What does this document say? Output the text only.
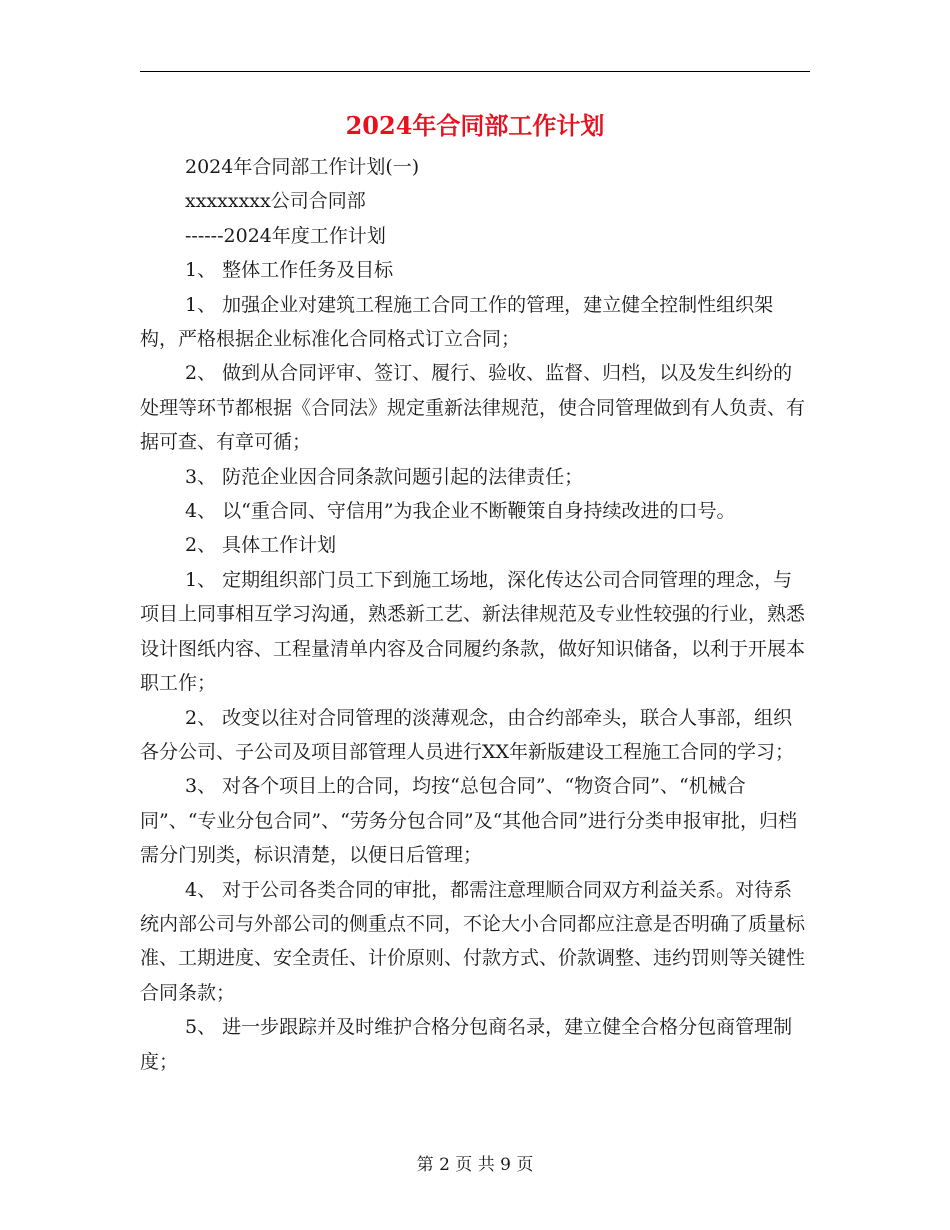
2024年合同部工作计划

2024年合同部工作计划(一)

xxxxxxxx公司合同部

------2024年度工作计划

1、 整体工作任务及目标

1、 加强企业对建筑工程施工合同工作的管理，建立健全控制性组织架构，严格根据企业标准化合同格式订立合同；

2、 做到从合同评审、签订、履行、验收、监督、归档，以及发生纠纷的处理等环节都根据《合同法》规定重新法律规范，使合同管理做到有人负责、有据可查、有章可循；

3、 防范企业因合同条款问题引起的法律责任；

4、 以“重合同、守信用”为我企业不断鞭策自身持续改进的口号。

2、 具体工作计划

1、 定期组织部门员工下到施工场地，深化传达公司合同管理的理念，与项目上同事相互学习沟通，熟悉新工艺、新法律规范及专业性较强的行业，熟悉设计图纸内容、工程量清单内容及合同履约条款，做好知识储备，以利于开展本职工作；

2、 改变以往对合同管理的淡薄观念，由合约部牵头，联合人事部，组织各分公司、子公司及项目部管理人员进行XX年新版建设工程施工合同的学习；

3、 对各个项目上的合同，均按“总包合同”、“物资合同”、“机械合同”、“专业分包合同”、“劳务分包合同”及“其他合同”进行分类申报审批，归档需分门别类，标识清楚，以便日后管理；

4、 对于公司各类合同的审批，都需注意理顺合同双方利益关系。对待系统内部公司与外部公司的侧重点不同，不论大小合同都应注意是否明确了质量标准、工期进度、安全责任、计价原则、付款方式、价款调整、违约罚则等关键性合同条款；

5、 进一步跟踪并及时维护合格分包商名录，建立健全合格分包商管理制度；

第 2 页 共 9 页
